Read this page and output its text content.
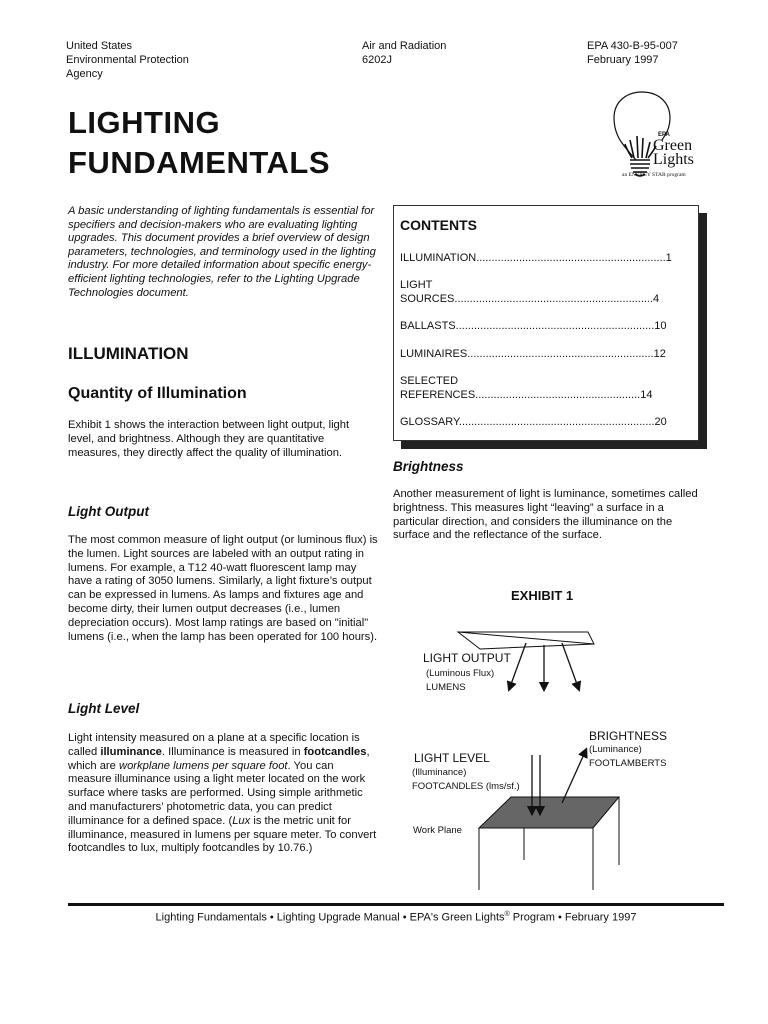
United States
Environmental Protection
Agency
Air and Radiation
6202J
EPA 430-B-95-007
February 1997
LIGHTING
FUNDAMENTALS
EPA
Green
Lights
an ENERGY STAR program
A basic understanding of lighting fundamentals is essential for specifiers and decision-makers who are evaluating lighting upgrades. This document provides a brief overview of design parameters, technologies, and terminology used in the lighting industry. For more detailed information about specific energy-efficient lighting technologies, refer to the Lighting Upgrade Technologies document.
CONTENTS
ILLUMINATION..............................................................1
LIGHT
SOURCES.................................................................4
BALLASTS.................................................................10
LUMINAIRES.............................................................12
SELECTED
REFERENCES......................................................14
GLOSSARY................................................................20
ILLUMINATION
Quantity of Illumination
Exhibit 1 shows the interaction between light output, light level, and brightness. Although they are quantitative measures, they directly affect the quality of illumination.
Light Output
The most common measure of light output (or luminous flux) is the lumen. Light sources are labeled with an output rating in lumens. For example, a T12 40-watt fluorescent lamp may have a rating of 3050 lumens. Similarly, a light fixture’s output can be expressed in lumens. As lamps and fixtures age and become dirty, their lumen output decreases (i.e., lumen depreciation occurs). Most lamp ratings are based on "initial" lumens (i.e., when the lamp has been operated for 100 hours).
Light Level
Light intensity measured on a plane at a specific location is called illuminance. Illuminance is measured in footcandles, which are workplane lumens per square foot. You can measure illuminance using a light meter located on the work surface where tasks are performed. Using simple arithmetic and manufacturers’ photometric data, you can predict illuminance for a defined space. (Lux is the metric unit for illuminance, measured in lumens per square meter. To convert footcandles to lux, multiply footcandles by 10.76.)
Brightness
Another measurement of light is luminance, sometimes called brightness. This measures light “leaving” a surface in a particular direction, and considers the illuminance on the surface and the reflectance of the surface.
EXHIBIT 1
LIGHT OUTPUT
(Luminous Flux)
LUMENS
BRIGHTNESS
(Luminance)
FOOTLAMBERTS
LIGHT LEVEL
(Illuminance)
FOOTCANDLES (lms/sf.)
Work Plane
Lighting Fundamentals • Lighting Upgrade Manual • EPA's Green Lights® Program • February 1997
